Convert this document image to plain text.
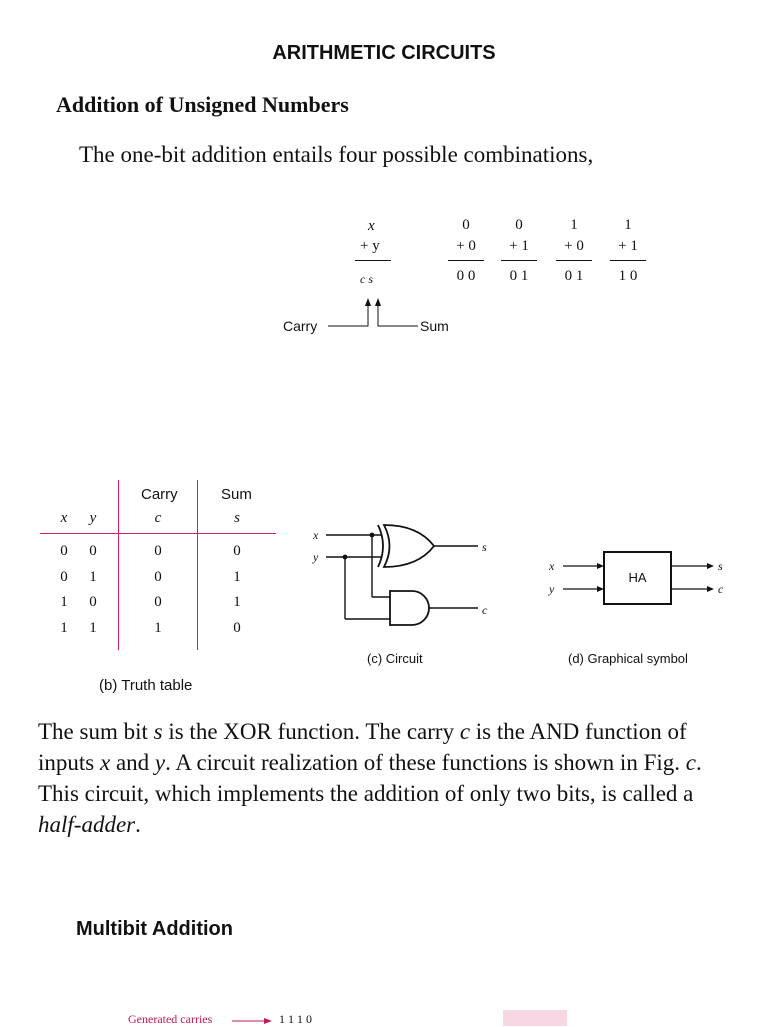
ARITHMETIC CIRCUITS
Addition of Unsigned Numbers
The one-bit addition entails four possible combinations,
x
+ y
c s
0
+ 0
0 0
0
+ 1
0 1
1
+ 0
0 1
1
+ 1
1 0
Carry	Sum
Carry	Sum
x	y	c	s
0	0	0	0
0	1	0	1
1	0	0	1
1	1	1	0
(b) Truth table
x
y
s
c
(c) Circuit
x
y
HA
s
c
(d) Graphical symbol
The sum bit s is the XOR function. The carry c is the AND function of inputs x and y. A circuit realization of these functions is shown in Fig. c. This circuit, which implements the addition of only two bits, is called a half-adder.
Multibit Addition
Generated carries	1 1 1 0
